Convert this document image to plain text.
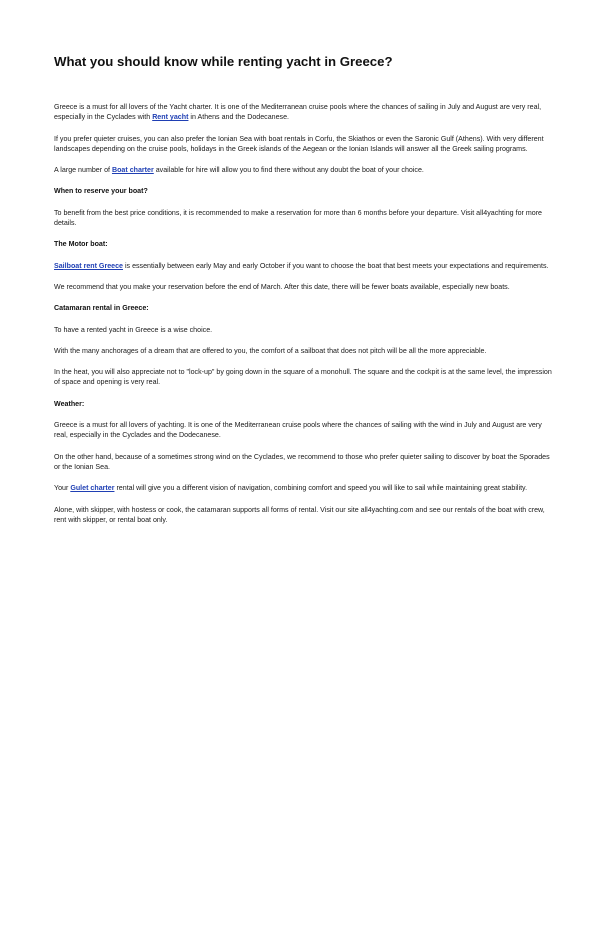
What you should know while renting yacht in Greece?

Greece is a must for all lovers of the Yacht charter. It is one of the Mediterranean cruise pools where the chances of sailing in July and August are very real, especially in the Cyclades with Rent yacht in Athens and the Dodecanese.

If you prefer quieter cruises, you can also prefer the Ionian Sea with boat rentals in Corfu, the Skiathos or even the Saronic Gulf (Athens). With very different landscapes depending on the cruise pools, holidays in the Greek islands of the Aegean or the Ionian Islands will answer all the Greek sailing programs.

A large number of Boat charter available for hire will allow you to find there without any doubt the boat of your choice.

When to reserve your boat?

To benefit from the best price conditions, it is recommended to make a reservation for more than 6 months before your departure. Visit all4yachting for more details.

The Motor boat:

Sailboat rent Greece is essentially between early May and early October if you want to choose the boat that best meets your expectations and requirements.

We recommend that you make your reservation before the end of March. After this date, there will be fewer boats available, especially new boats.

Catamaran rental in Greece:

To have a rented yacht in Greece is a wise choice.

With the many anchorages of a dream that are offered to you, the comfort of a sailboat that does not pitch will be all the more appreciable.

In the heat, you will also appreciate not to "lock-up" by going down in the square of a monohull. The square and the cockpit is at the same level, the impression of space and opening is very real.

Weather:

Greece is a must for all lovers of yachting. It is one of the Mediterranean cruise pools where the chances of sailing with the wind in July and August are very real, especially in the Cyclades and the Dodecanese.

On the other hand, because of a sometimes strong wind on the Cyclades, we recommend to those who prefer quieter sailing to discover by boat the Sporades or the Ionian Sea.

Your Gulet charter rental will give you a different vision of navigation, combining comfort and speed you will like to sail while maintaining great stability.

Alone, with skipper, with hostess or cook, the catamaran supports all forms of rental. Visit our site all4yachting.com and see our rentals of the boat with crew, rent with skipper, or rental boat only.
